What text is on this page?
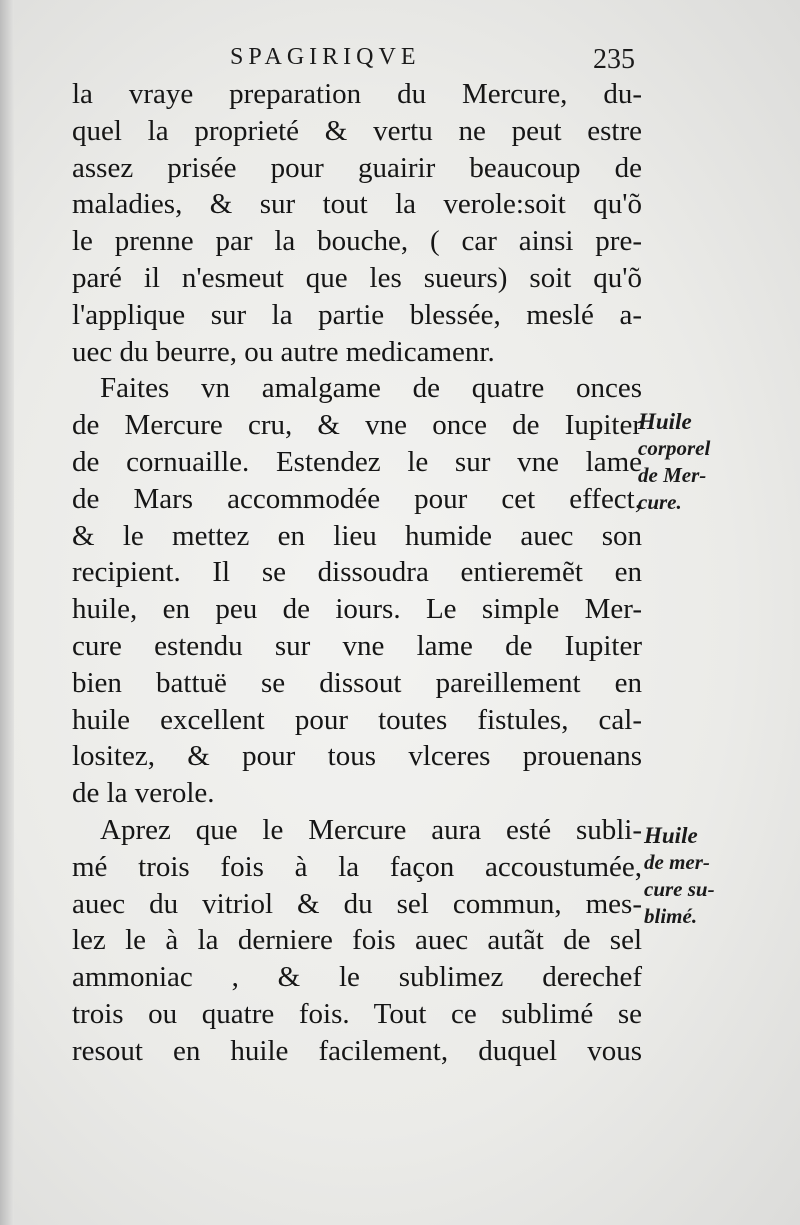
SPAGIRIQVE	235
la vraye preparation du Mercure, du-
quel la proprieté & vertu ne peut estre
assez prisée pour guairir beaucoup de
maladies, & sur tout la verole:soit qu'õ
le prenne par la bouche, ( car ainsi pre-
paré il n'esmeut que les sueurs) soit qu'õ
l'applique sur la partie blessée, meslé a-
uec du beurre, ou autre medicamenr.
Faites vn amalgame de quatre onces
de Mercure cru, & vne once de Iupiter
de cornuaille. Estendez le sur vne lame
de Mars accommodée pour cet effect,
& le mettez en lieu humide auec son
recipient. Il se dissoudra entieremẽt en
huile, en peu de iours. Le simple Mer-
cure estendu sur vne lame de Iupiter
bien battuë se dissout pareillement en
huile excellent pour toutes fistules, cal-
lositez, & pour tous vlceres prouenans
de la verole.
Aprez que le Mercure aura esté subli-
mé trois fois à la façon accoustumée,
auec du vitriol & du sel commun, mes-
lez le à la derniere fois auec autãt de sel
ammoniac , & le sublimez derechef
trois ou quatre fois. Tout ce sublimé se
resout en huile facilement, duquel vous
Huile
corporel
de Mer-
cure.
Huile
de mer-
cure su-
blimé.
